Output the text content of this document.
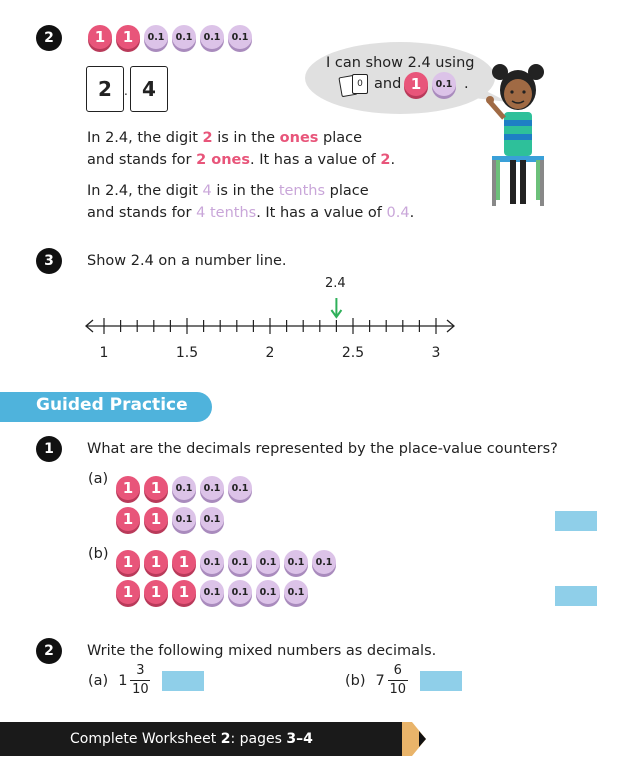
2	1 1 0.1 0.1 0.1 0.1
2	. 4
I can show 2.4 using
0 and 1 0.1 .
In 2.4, the digit 2 is in the ones place
and stands for 2 ones. It has a value of 2.
In 2.4, the digit 4 is in the tenths place
and stands for 4 tenths. It has a value of 0.4.
3	Show 2.4 on a number line.
2.4
1	1.5	2	2.5	3
Guided Practice
1	What are the decimals represented by the place-value counters?
(a) 1 1 0.1 0.1 0.1
1 1 0.1 0.1
(b) 1 1 1 0.1 0.1 0.1 0.1 0.1
1 1 1 0.1 0.1 0.1 0.1
2	Write the following mixed numbers as decimals.
(a) $1 \frac{3}{10}$	(b) $7 \frac{6}{10}$
Complete Worksheet 2: pages 3–4
